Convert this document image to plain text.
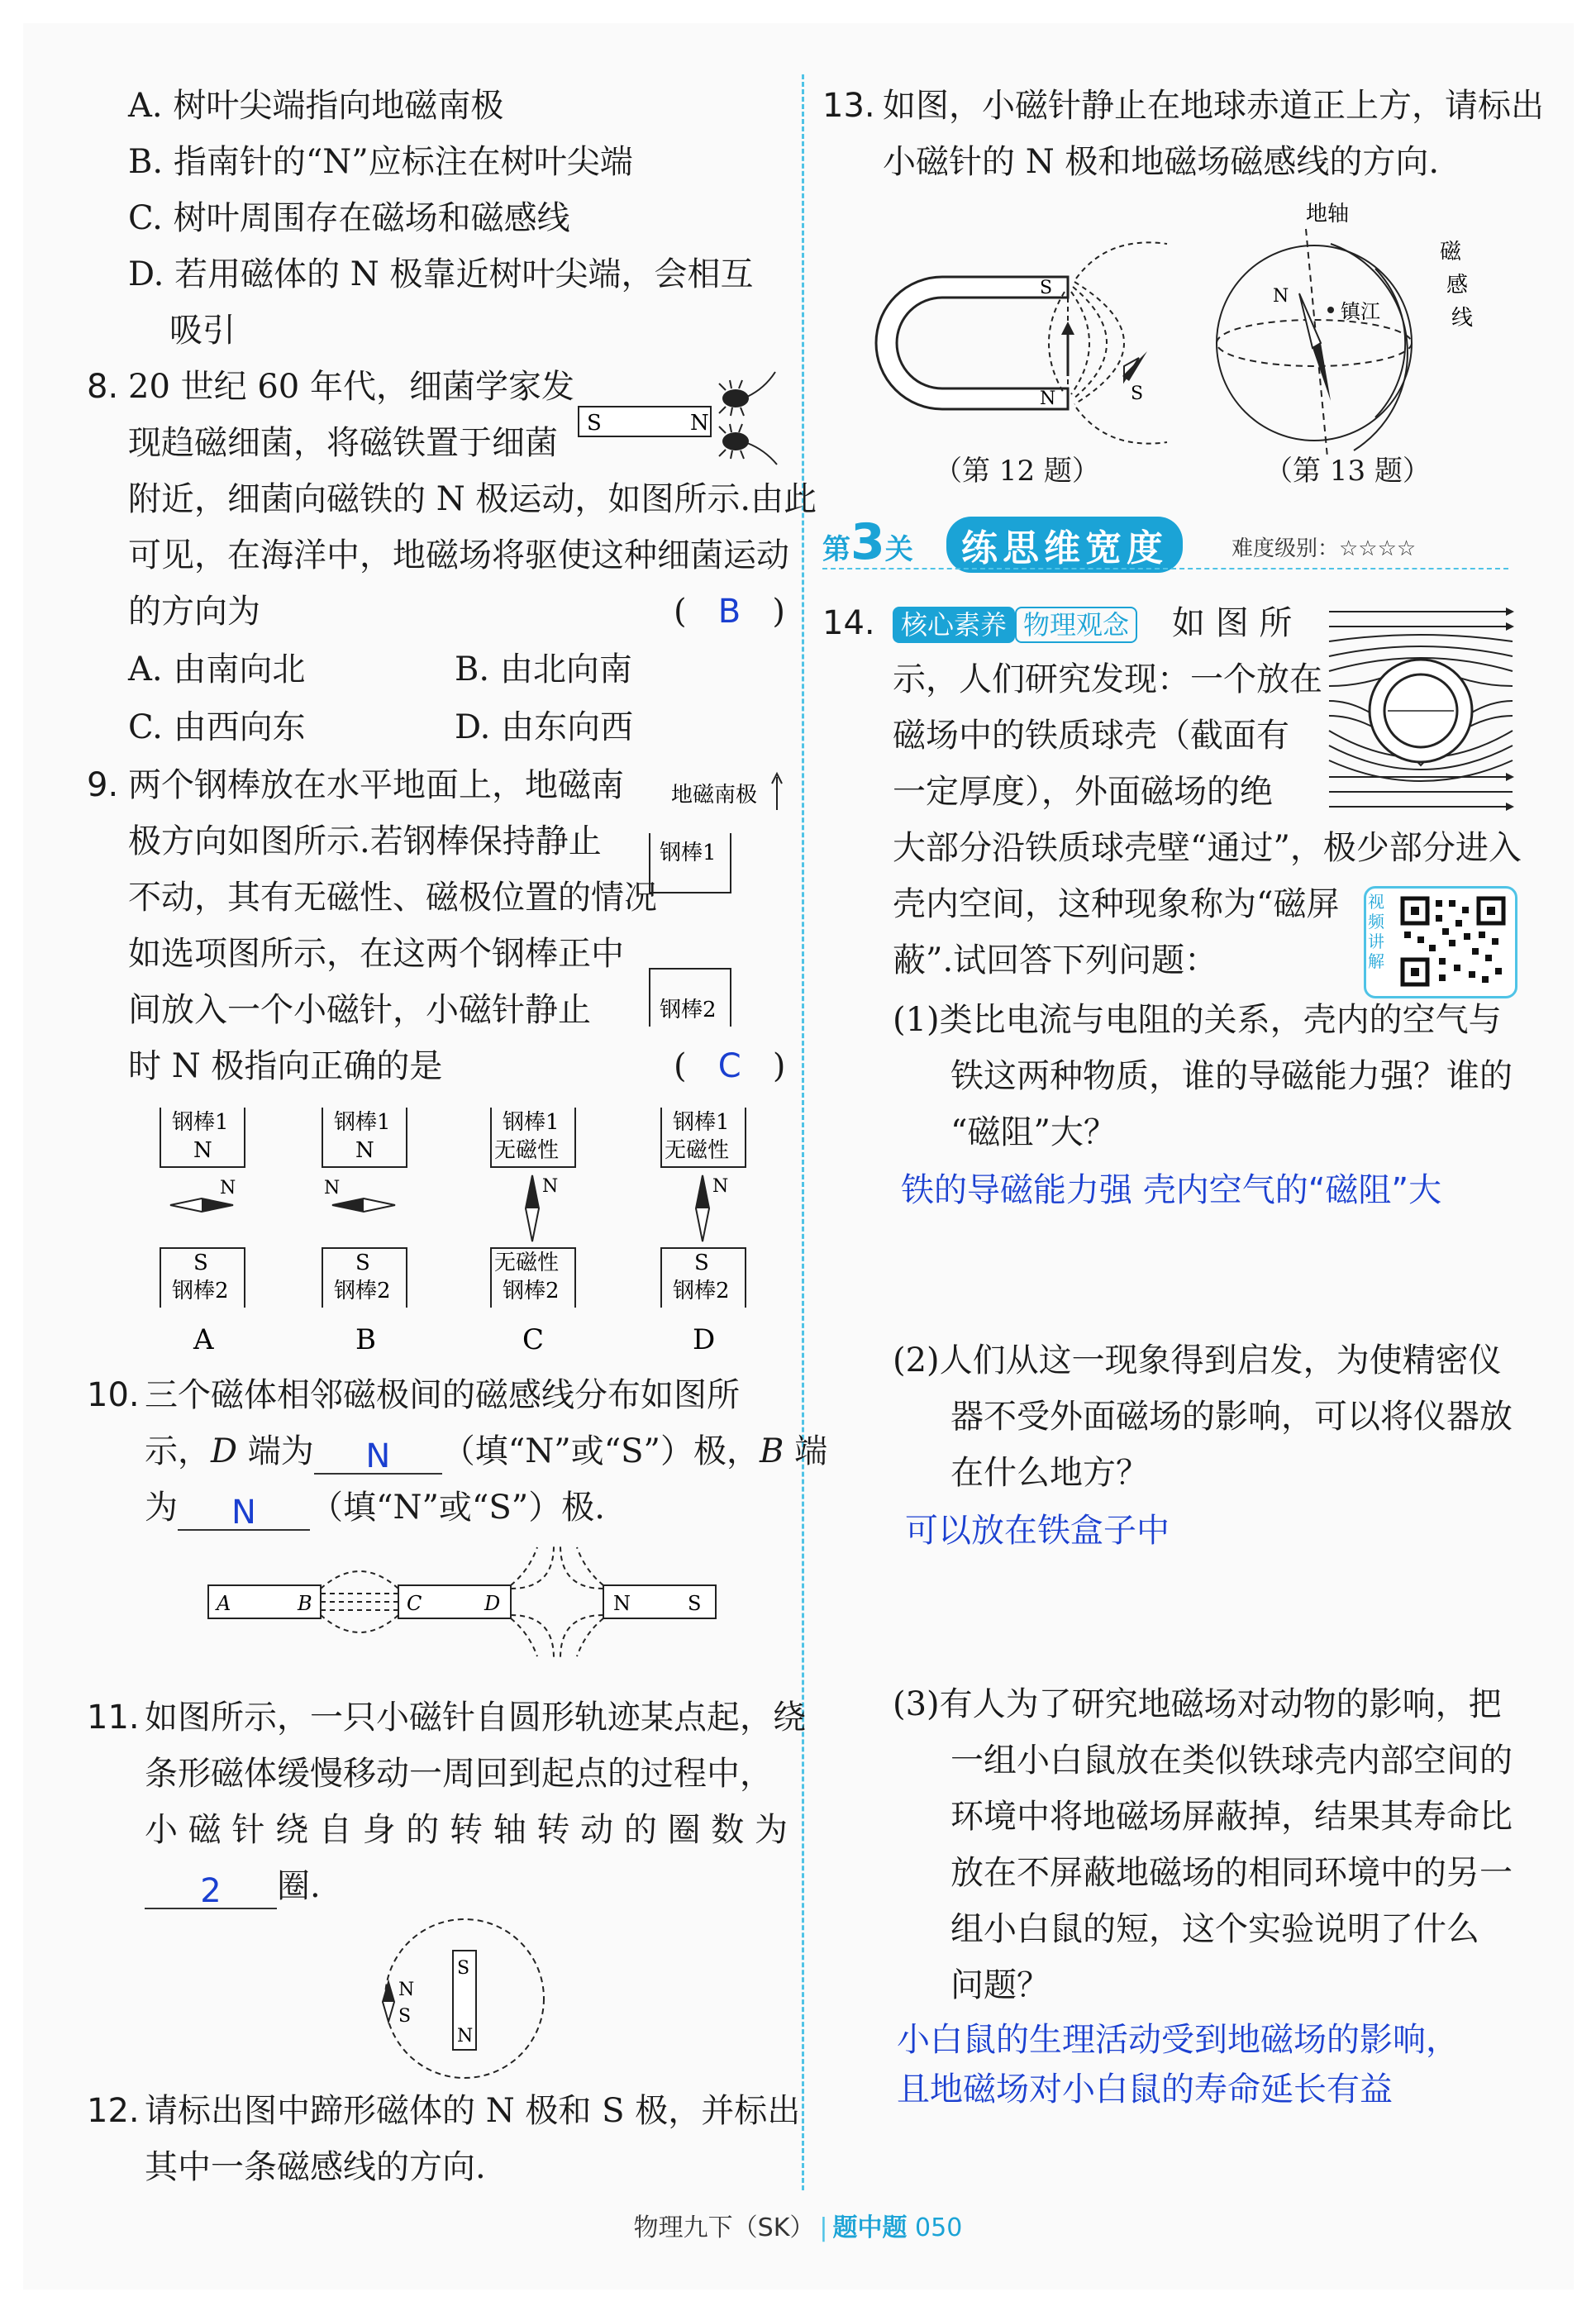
A. 树叶尖端指向地磁南极
B. 指南针的“N”应标注在树叶尖端
C. 树叶周围存在磁场和磁感线
D. 若用磁体的 N 极靠近树叶尖端，会相互
吸引
8. 20 世纪 60 年代，细菌学家发
现趋磁细菌，将磁铁置于细菌
附近，细菌向磁铁的 N 极运动，如图所示.由此
可见，在海洋中，地磁场将驱使这种细菌运动
的方向为	(   B   )
A. 由南向北	B. 由北向南
C. 由西向东	D. 由东向西
S	N
9. 两个钢棒放在水平地面上，地磁南
极方向如图所示.若钢棒保持静止
不动，其有无磁性、磁极位置的情况
如选项图所示，在这两个钢棒正中
间放入一个小磁针，小磁针静止
时 N 极指向正确的是	(   C   )
地磁南极
钢棒1
钢棒2
钢棒1
N
N
S
钢棒2
A
钢棒1
N
N
S
钢棒2
B
钢棒1
无磁性
N
无磁性
钢棒2
C
钢棒1
无磁性
N
S
钢棒2
D
10. 三个磁体相邻磁极间的磁感线分布如图所
示，D 端为 N （填“N”或“S”）极，B 端
为 N （填“N”或“S”）极.
A	B	C	D	N	S
11. 如图所示，一只小磁针自圆形轨迹某点起，绕
条形磁体缓慢移动一周回到起点的过程中，
小 磁 针 绕 自 身 的 转 轴 转 动 的 圈 数 为
2 圈.
S
N
N
S
12. 请标出图中蹄形磁体的 N 极和 S 极，并标出
其中一条磁感线的方向.
13. 如图，小磁针静止在地球赤道正上方，请标出
小磁针的 N 极和地磁场磁感线的方向.
S
N	S
（第 12 题）
地轴
磁
感
线
镇江
N
（第 13 题）
第3关	练思维宽度	难度级别：☆☆☆☆
14. 核心素养 物理观念 如 图 所
示，人们研究发现：一个放在
磁场中的铁质球壳（截面有
一定厚度），外面磁场的绝
大部分沿铁质球壳壁“通过”，极少部分进入
壳内空间，这种现象称为“磁屏
蔽”.试回答下列问题：
视
频
讲
解
(1)类比电流与电阻的关系，壳内的空气与
铁这两种物质，谁的导磁能力强？谁的
“磁阻”大？
铁的导磁能力强 壳内空气的“磁阻”大
(2)人们从这一现象得到启发，为使精密仪
器不受外面磁场的影响，可以将仪器放
在什么地方？
可以放在铁盒子中
(3)有人为了研究地磁场对动物的影响，把
一组小白鼠放在类似铁球壳内部空间的
环境中将地磁场屏蔽掉，结果其寿命比
放在不屏蔽地磁场的相同环境中的另一
组小白鼠的短，这个实验说明了什么
问题？
小白鼠的生理活动受到地磁场的影响，
且地磁场对小白鼠的寿命延长有益
物理九下（SK） | 题中题 050
